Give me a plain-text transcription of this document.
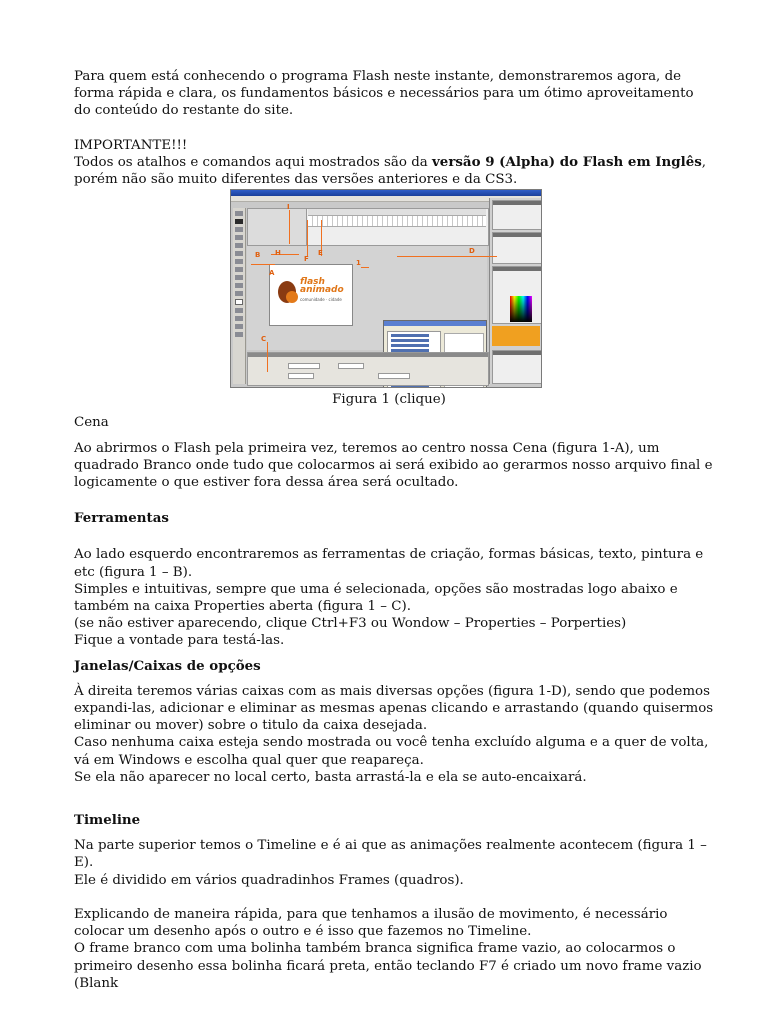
Para quem está conhecendo o programa Flash neste instante, demonstraremos agora, de forma rápida e clara, os fundamentos básicos e necessários para um ótimo aproveitamento do conteúdo do restante do site.

IMPORTANTE!!!

Todos os atalhos e comandos aqui mostrados são da versão 9 (Alpha) do Flash em Inglês, porém não são muito diferentes das versões anteriores e da CS3.

flash animado
comunidade · cidade
I
H
F
E
B	D
1
A
C
Figura 1 (clique)

Cena

Ao abrirmos o Flash pela primeira vez, teremos ao centro nossa Cena (figura 1-A), um quadrado Branco onde tudo que colocarmos ai será exibido ao gerarmos nosso arquivo final e logicamente o que estiver fora dessa área será ocultado.

Ferramentas

Ao lado esquerdo encontraremos as ferramentas de criação, formas básicas, texto, pintura e etc (figura 1 – B).

Simples e intuitivas, sempre que uma é selecionada, opções são mostradas logo abaixo e também na caixa Properties aberta (figura 1 – C).

(se não estiver aparecendo, clique Ctrl+F3 ou Wondow – Properties – Porperties)

Fique a vontade para testá-las.

Janelas/Caixas de opções

À direita teremos várias caixas com as mais diversas opções (figura 1-D), sendo que podemos expandi-las, adicionar e eliminar as mesmas apenas clicando e arrastando (quando quisermos eliminar ou mover) sobre o titulo da caixa desejada.

Caso nenhuma caixa esteja sendo mostrada ou você tenha excluído alguma e a quer de volta, vá em Windows e escolha qual quer que reapareça.

Se ela não aparecer no local certo, basta arrastá-la e ela se auto-encaixará.

Timeline

Na parte superior temos o Timeline e é ai que as animações realmente acontecem (figura 1 –E).

Ele é dividido em vários quadradinhos Frames (quadros).

Explicando de maneira rápida, para que tenhamos a ilusão de movimento, é necessário colocar um desenho após o outro e é isso que fazemos no Timeline.

O frame branco com uma bolinha também branca significa frame vazio, ao colocarmos o primeiro desenho essa bolinha ficará preta, então teclando F7 é criado um novo frame vazio (Blank
